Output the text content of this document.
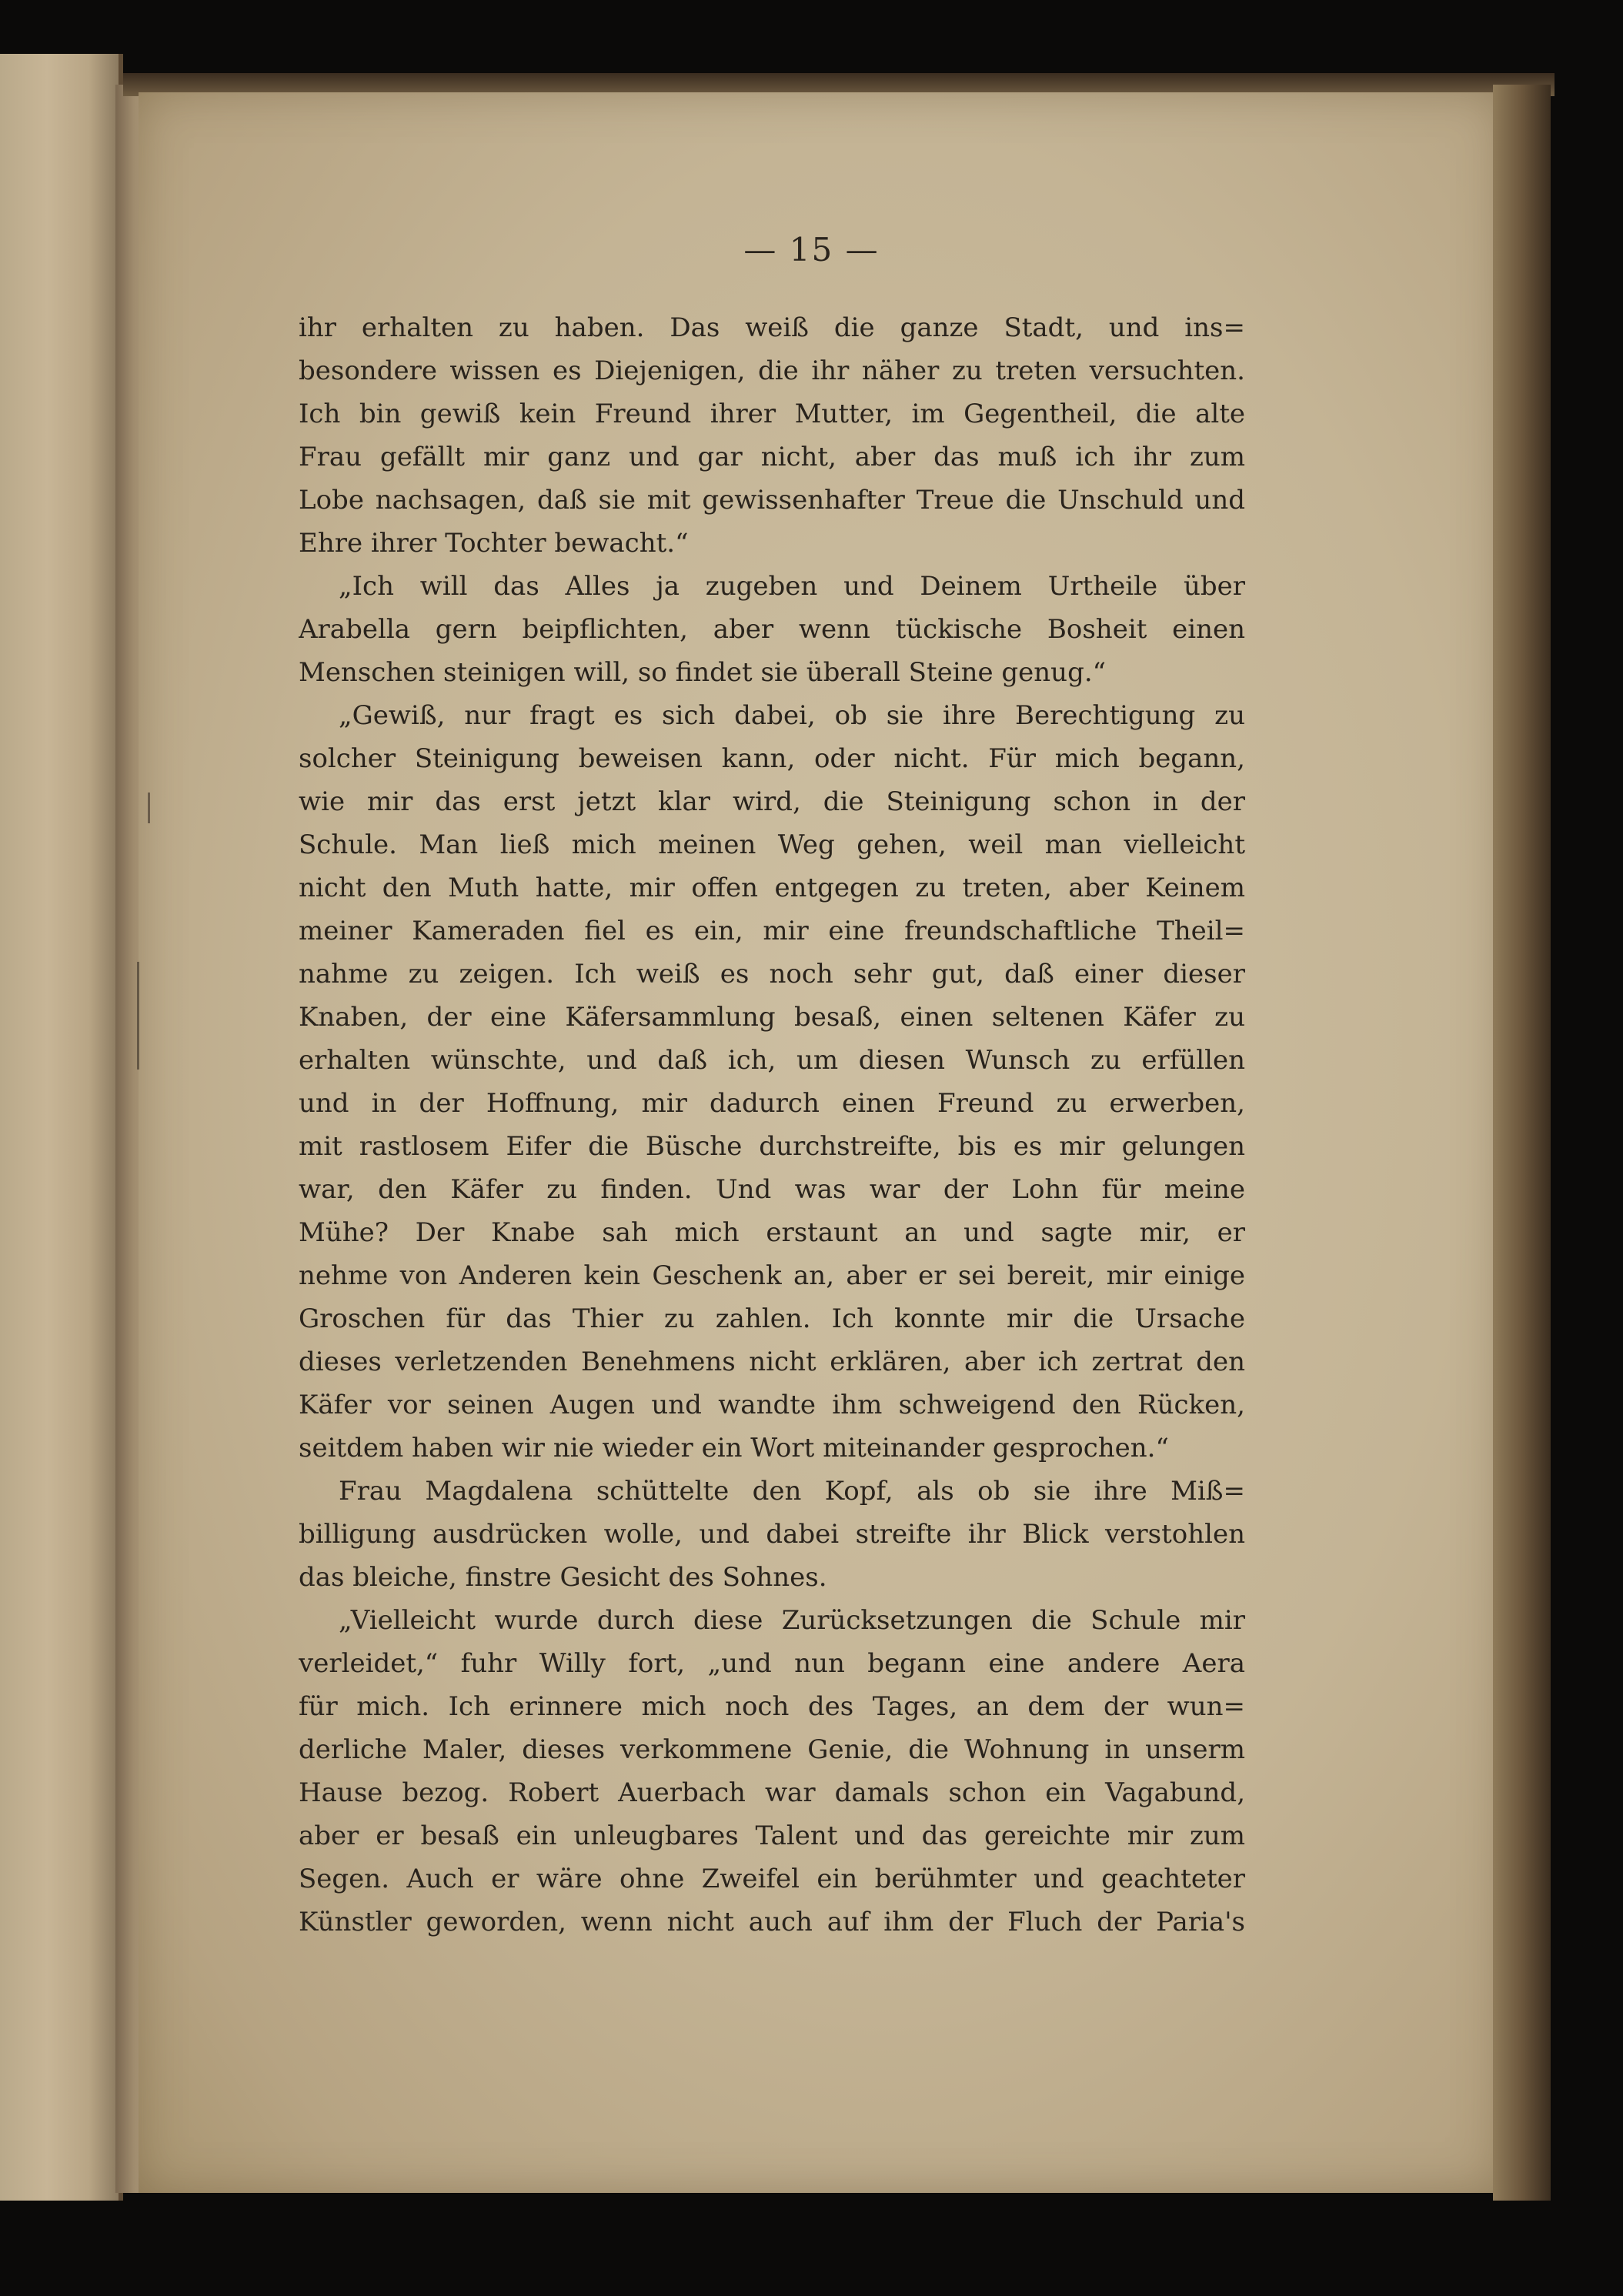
— 15 —
ihr erhalten zu haben. Das weiß die ganze Stadt, und ins=
besondere wissen es Diejenigen, die ihr näher zu treten versuchten.
Ich bin gewiß kein Freund ihrer Mutter, im Gegentheil, die alte
Frau gefällt mir ganz und gar nicht, aber das muß ich ihr zum
Lobe nachsagen, daß sie mit gewissenhafter Treue die Unschuld und
Ehre ihrer Tochter bewacht.“
„Ich will das Alles ja zugeben und Deinem Urtheile über
Arabella gern beipflichten, aber wenn tückische Bosheit einen
Menschen steinigen will, so findet sie überall Steine genug.“
„Gewiß, nur fragt es sich dabei, ob sie ihre Berechtigung zu
solcher Steinigung beweisen kann, oder nicht. Für mich begann,
wie mir das erst jetzt klar wird, die Steinigung schon in der
Schule. Man ließ mich meinen Weg gehen, weil man vielleicht
nicht den Muth hatte, mir offen entgegen zu treten, aber Keinem
meiner Kameraden fiel es ein, mir eine freundschaftliche Theil=
nahme zu zeigen. Ich weiß es noch sehr gut, daß einer dieser
Knaben, der eine Käfersammlung besaß, einen seltenen Käfer zu
erhalten wünschte, und daß ich, um diesen Wunsch zu erfüllen
und in der Hoffnung, mir dadurch einen Freund zu erwerben,
mit rastlosem Eifer die Büsche durchstreifte, bis es mir gelungen
war, den Käfer zu finden. Und was war der Lohn für meine
Mühe? Der Knabe sah mich erstaunt an und sagte mir, er
nehme von Anderen kein Geschenk an, aber er sei bereit, mir einige
Groschen für das Thier zu zahlen. Ich konnte mir die Ursache
dieses verletzenden Benehmens nicht erklären, aber ich zertrat den
Käfer vor seinen Augen und wandte ihm schweigend den Rücken,
seitdem haben wir nie wieder ein Wort miteinander gesprochen.“
Frau Magdalena schüttelte den Kopf, als ob sie ihre Miß=
billigung ausdrücken wolle, und dabei streifte ihr Blick verstohlen
das bleiche, finstre Gesicht des Sohnes.
„Vielleicht wurde durch diese Zurücksetzungen die Schule mir
verleidet,“ fuhr Willy fort, „und nun begann eine andere Aera
für mich. Ich erinnere mich noch des Tages, an dem der wun=
derliche Maler, dieses verkommene Genie, die Wohnung in unserm
Hause bezog. Robert Auerbach war damals schon ein Vagabund,
aber er besaß ein unleugbares Talent und das gereichte mir zum
Segen. Auch er wäre ohne Zweifel ein berühmter und geachteter
Künstler geworden, wenn nicht auch auf ihm der Fluch der Paria's
